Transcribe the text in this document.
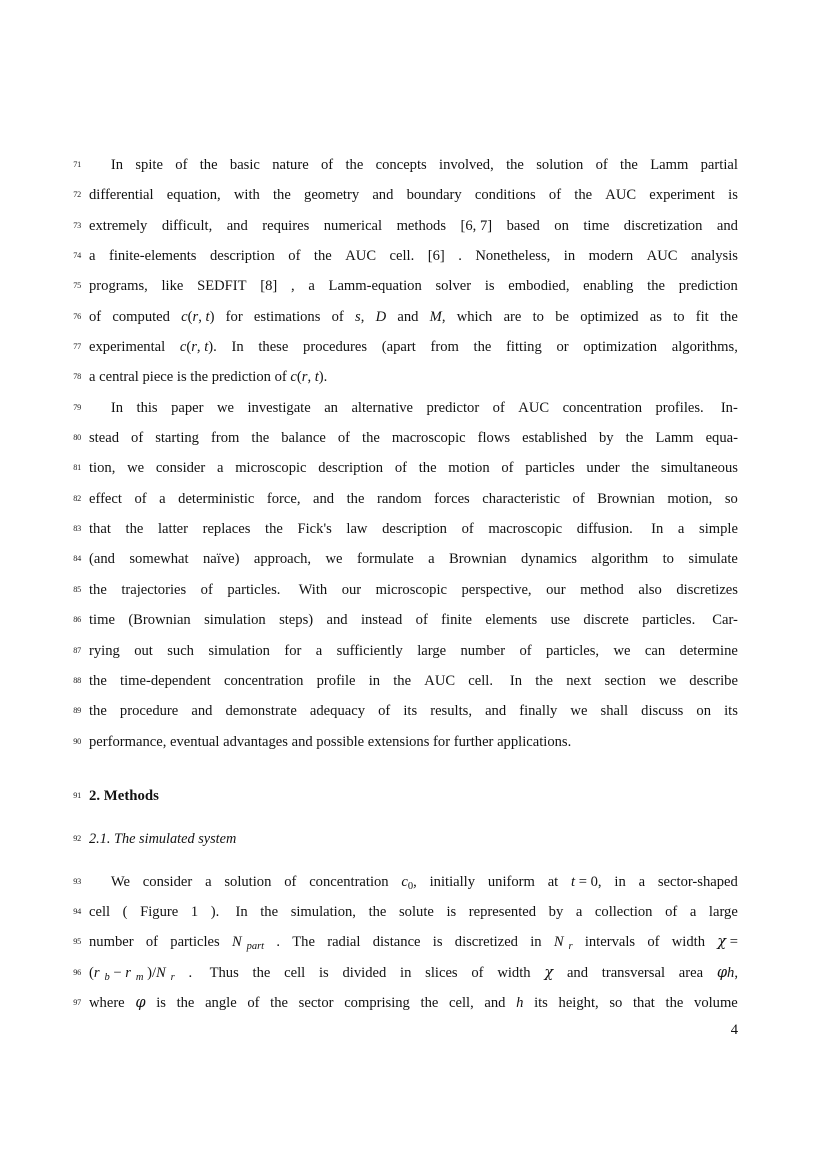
71 In spite of the basic nature of the concepts involved, the solution of the Lamm partial
72 differential equation, with the geometry and boundary conditions of the AUC experiment is
73 extremely difficult, and requires numerical methods [6, 7] based on time discretization and
74 a finite-elements description of the AUC cell. [6] . Nonetheless, in modern AUC analysis
75 programs, like SEDFIT [8] , a Lamm-equation solver is embodied, enabling the prediction
76 of computed c(r, t) for estimations of s, D and M, which are to be optimized as to fit the
77 experimental c(r, t). In these procedures (apart from the fitting or optimization algorithms,
78 a central piece is the prediction of c(r, t).
79 In this paper we investigate an alternative predictor of AUC concentration profiles. In-
80 stead of starting from the balance of the macroscopic flows established by the Lamm equa-
81 tion, we consider a microscopic description of the motion of particles under the simultaneous
82 effect of a deterministic force, and the random forces characteristic of Brownian motion, so
83 that the latter replaces the Fick's law description of macroscopic diffusion. In a simple
84 (and somewhat naïve) approach, we formulate a Brownian dynamics algorithm to simulate
85 the trajectories of particles. With our microscopic perspective, our method also discretizes
86 time (Brownian simulation steps) and instead of finite elements use discrete particles. Car-
87 rying out such simulation for a sufficiently large number of particles, we can determine
88 the time-dependent concentration profile in the AUC cell. In the next section we describe
89 the procedure and demonstrate adequacy of its results, and finally we shall discuss on its
90 performance, eventual advantages and possible extensions for further applications.
91 2. Methods
92 2.1. The simulated system
93 We consider a solution of concentration $c_0$, initially uniform at t = 0, in a sector-shaped
94 cell ( Figure 1 ). In the simulation, the solute is represented by a collection of a large
95 number of particles N $_{part}$ . The radial distance is discretized in N $_r$ intervals of width χ =
96 (r $_b$ − r $_m$ )/N $_r$ . Thus the cell is divided in slices of width χ and transversal area φh,
97 where φ is the angle of the sector comprising the cell, and h its height, so that the volume
4
